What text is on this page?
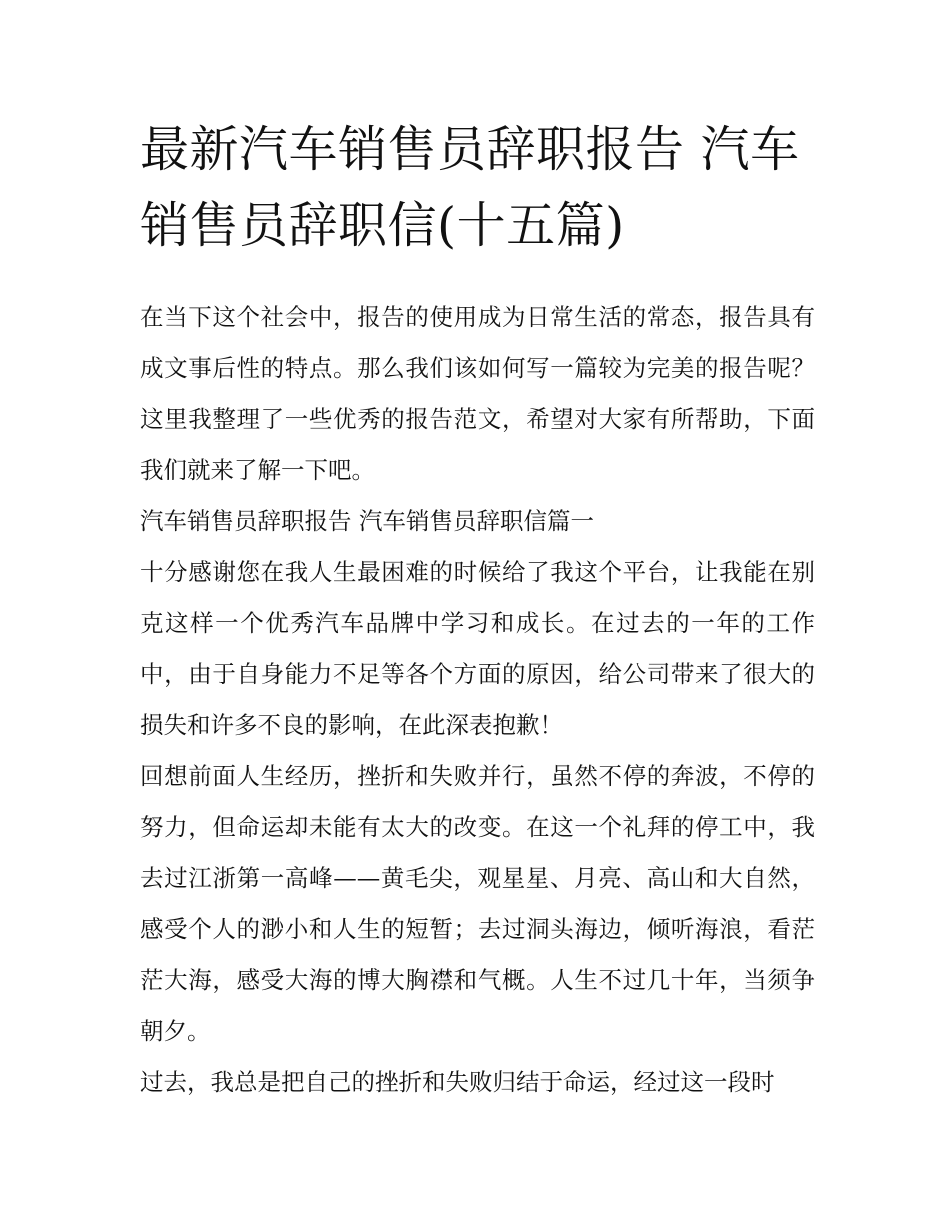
最新汽车销售员辞职报告 汽车销售员辞职信(十五篇)

在当下这个社会中，报告的使用成为日常生活的常态，报告具有成文事后性的特点。那么我们该如何写一篇较为完美的报告呢？这里我整理了一些优秀的报告范文，希望对大家有所帮助，下面我们就来了解一下吧。

汽车销售员辞职报告 汽车销售员辞职信篇一

十分感谢您在我人生最困难的时候给了我这个平台，让我能在别克这样一个优秀汽车品牌中学习和成长。在过去的一年的工作中，由于自身能力不足等各个方面的原因，给公司带来了很大的损失和许多不良的影响，在此深表抱歉！

回想前面人生经历，挫折和失败并行，虽然不停的奔波，不停的努力，但命运却未能有太大的改变。在这一个礼拜的停工中，我去过江浙第一高峰——黄毛尖，观星星、月亮、高山和大自然，感受个人的渺小和人生的短暂；去过洞头海边，倾听海浪，看茫茫大海，感受大海的博大胸襟和气概。人生不过几十年，当须争朝夕。

过去，我总是把自己的挫折和失败归结于命运，经过这一段时
